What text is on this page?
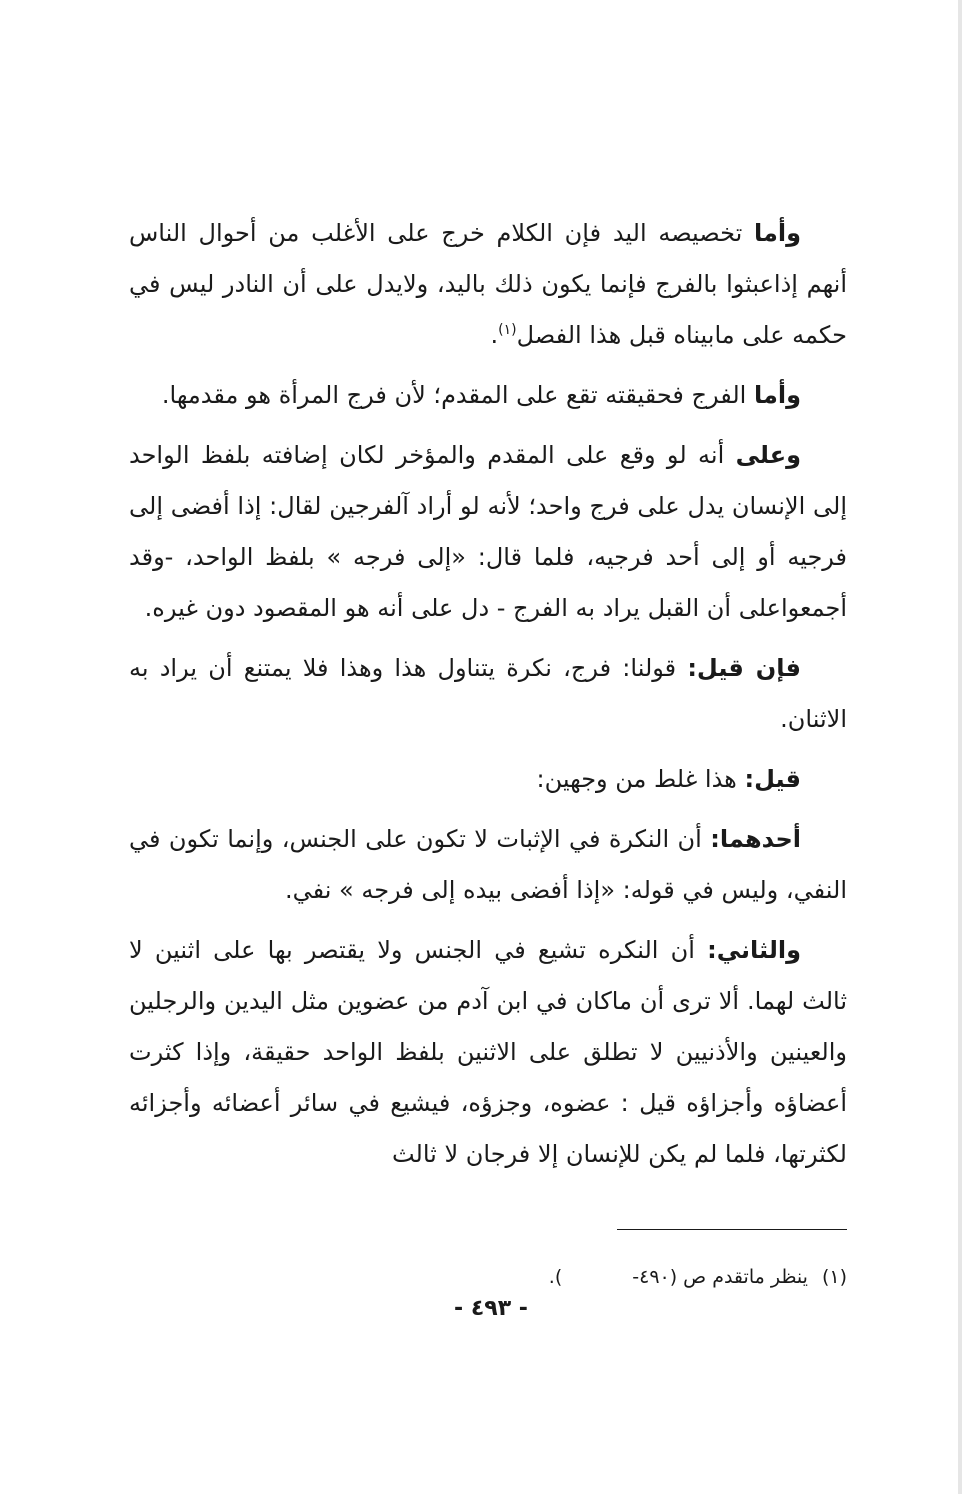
وأما تخصيصه اليد فإن الكلام خرج على الأغلب من أحوال الناس أنهم إذاعبثوا بالفرج فإنما يكون ذلك باليد، ولايدل على أن النادر ليس في حكمه على مابيناه قبل هذا الفصل$^{(١)}$.

وأما الفرج فحقيقته تقع على المقدم؛ لأن فرج المرأة هو مقدمها.

وعلى أنه لو وقع على المقدم والمؤخر لكان إضافته بلفظ الواحد إلى الإنسان يدل على فرج واحد؛ لأنه لو أراد آلفرجين لقال: إذا أفضى إلى فرجيه أو إلى أحد فرجيه، فلما قال: «إلى فرجه » بلفظ الواحد، -وقد أجمعواعلى أن القبل يراد به الفرج - دل على أنه هو المقصود دون غيره.

فإن قيل: قولنا: فرج، نكرة يتناول هذا وهذا فلا يمتنع أن يراد به الاثنان.

قيل: هذا غلط من وجهين:

أحدهما: أن النكرة في الإثبات لا تكون على الجنس، وإنما تكون في النفي، وليس في قوله: «إذا أفضى بيده إلى فرجه » نفي.

والثاني: أن النكره تشيع في الجنس ولا يقتصر بها على اثنين لا ثالث لهما. ألا ترى أن ماكان في ابن آدم من عضوين مثل اليدين والرجلين والعينين والأذنيين لا تطلق على الاثنين بلفظ الواحد حقيقة، وإذا كثرت أعضاؤه وأجزاؤه قيل : عضوه، وجزؤه، فيشيع في سائر أعضائه وأجزائه لكثرتها، فلما لم يكن للإنسان إلا فرجان لا ثالث

(١)ينظر ماتقدم ص (٤٩٠-).
- ٤٩٣ -
